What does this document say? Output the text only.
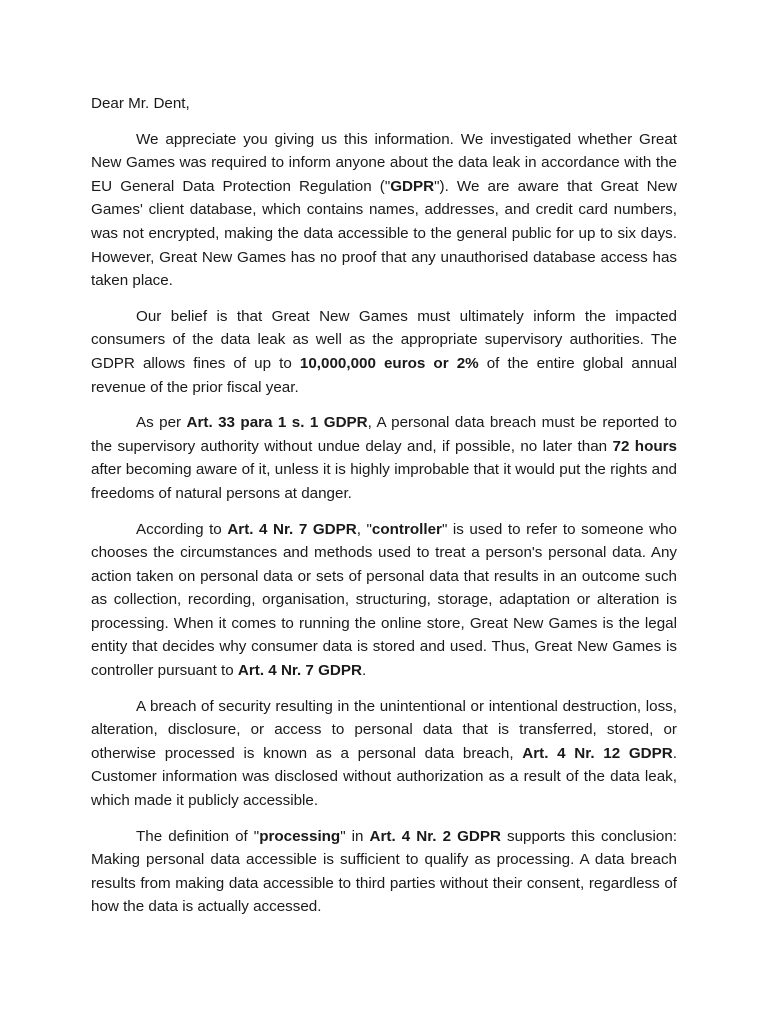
Dear Mr. Dent,

We appreciate you giving us this information. We investigated whether Great New Games was required to inform anyone about the data leak in accordance with the EU General Data Protection Regulation ("GDPR"). We are aware that Great New Games' client database, which contains names, addresses, and credit card numbers, was not encrypted, making the data accessible to the general public for up to six days. However, Great New Games has no proof that any unauthorised database access has taken place.

Our belief is that Great New Games must ultimately inform the impacted consumers of the data leak as well as the appropriate supervisory authorities. The GDPR allows fines of up to 10,000,000 euros or 2% of the entire global annual revenue of the prior fiscal year.

As per Art. 33 para 1 s. 1 GDPR, A personal data breach must be reported to the supervisory authority without undue delay and, if possible, no later than 72 hours after becoming aware of it, unless it is highly improbable that it would put the rights and freedoms of natural persons at danger.

According to Art. 4 Nr. 7 GDPR, "controller" is used to refer to someone who chooses the circumstances and methods used to treat a person's personal data. Any action taken on personal data or sets of personal data that results in an outcome such as collection, recording, organisation, structuring, storage, adaptation or alteration is processing. When it comes to running the online store, Great New Games is the legal entity that decides why consumer data is stored and used. Thus, Great New Games is controller pursuant to Art. 4 Nr. 7 GDPR.

A breach of security resulting in the unintentional or intentional destruction, loss, alteration, disclosure, or access to personal data that is transferred, stored, or otherwise processed is known as a personal data breach, Art. 4 Nr. 12 GDPR. Customer information was disclosed without authorization as a result of the data leak, which made it publicly accessible.

The definition of "processing" in Art. 4 Nr. 2 GDPR supports this conclusion: Making personal data accessible is sufficient to qualify as processing. A data breach results from making data accessible to third parties without their consent, regardless of how the data is actually accessed.
